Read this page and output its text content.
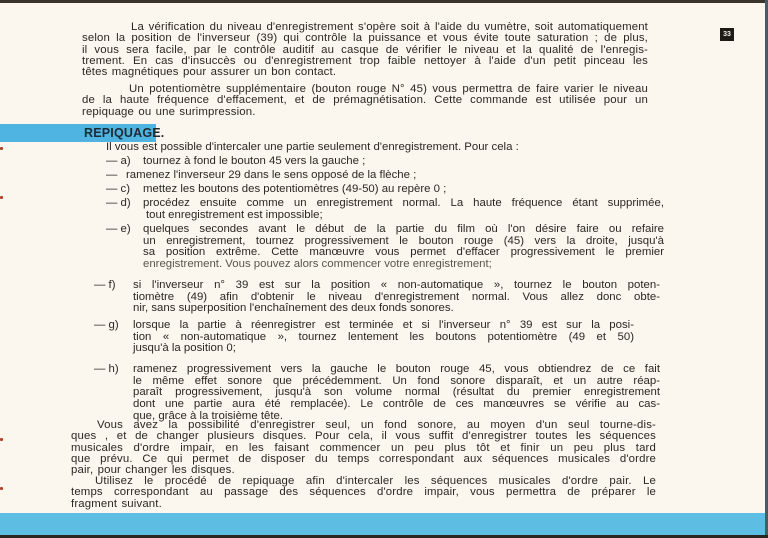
33
La vérification du niveau d'enregistrement s'opère soit à l'aide du vumètre, soit automatiquement
selon la position de l'inverseur (39) qui contrôle la puissance et vous évite toute saturation ; de plus,
il vous sera facile, par le contrôle auditif au casque de vérifier le niveau et la qualité de l'enregis-
trement. En cas d'insuccès ou d'enregistrement trop faible nettoyer à l'aide d'un petit pinceau les
têtes magnétiques pour assurer un bon contact.
Un potentiomètre supplémentaire (bouton rouge N° 45) vous permettra de faire varier le niveau
de la haute fréquence d'effacement, et de prémagnétisation. Cette commande est utilisée pour un
repiquage ou une surimpression.
REPIQUAGE.
Il vous est possible d'intercaler une partie seulement d'enregistrement. Pour cela :
— a)	tournez à fond le bouton 45 vers la gauche ;
— ramenez l'inverseur 29 dans le sens opposé de la flèche ;
— c)	mettez les boutons des potentiomètres (49-50) au repère 0 ;
— d) procédez ensuite comme un enregistrement normal. La haute fréquence étant supprimée,
tout enregistrement est impossible;
— e) quelques secondes avant le début de la partie du film où l'on désire faire ou refaire
un enregistrement, tournez progressivement le bouton rouge (45) vers la droite, jusqu'à
sa position extrême. Cette manœuvre vous permet d'effacer progressivement le premier
enregistrement. Vous pouvez alors commencer votre enregistrement;
— f) si l'inverseur n° 39 est sur la position « non-automatique », tournez le bouton poten-
tiomètre (49) afin d'obtenir le niveau d'enregistrement normal. Vous allez donc obte-
nir, sans superposition l'enchaînement des deux fonds sonores.
— g) lorsque la partie à réenregistrer est terminée et si l'inverseur n° 39 est sur la posi-
tion « non-automatique », tournez lentement les boutons potentiomètre (49 et 50)
jusqu'à la position 0;
— h) ramenez progressivement vers la gauche le bouton rouge 45, vous obtiendrez de ce fait
le même effet sonore que précédemment. Un fond sonore disparaît, et un autre réap-
paraît progressivement, jusqu'à son volume normal (résultat du premier enregistrement
dont une partie aura été remplacée). Le contrôle de ces manœuvres se vérifie au cas-
que, grâce à la troisième tête.
Vous avez la possibilité d'enregistrer seul, un fond sonore, au moyen d'un seul tourne-dis-
ques , et de changer plusieurs disques. Pour cela, il vous suffit d'enregistrer toutes les séquences
musicales d'ordre impair, en les faisant commencer un peu plus tôt et finir un peu plus tard
que prévu. Ce qui permet de disposer du temps correspondant aux séquences musicales d'ordre
pair, pour changer les disques.
Utilisez le procédé de repiquage afin d'intercaler les séquences musicales d'ordre pair. Le
temps correspondant au passage des séquences d'ordre impair, vous permettra de préparer le
fragment suivant.
